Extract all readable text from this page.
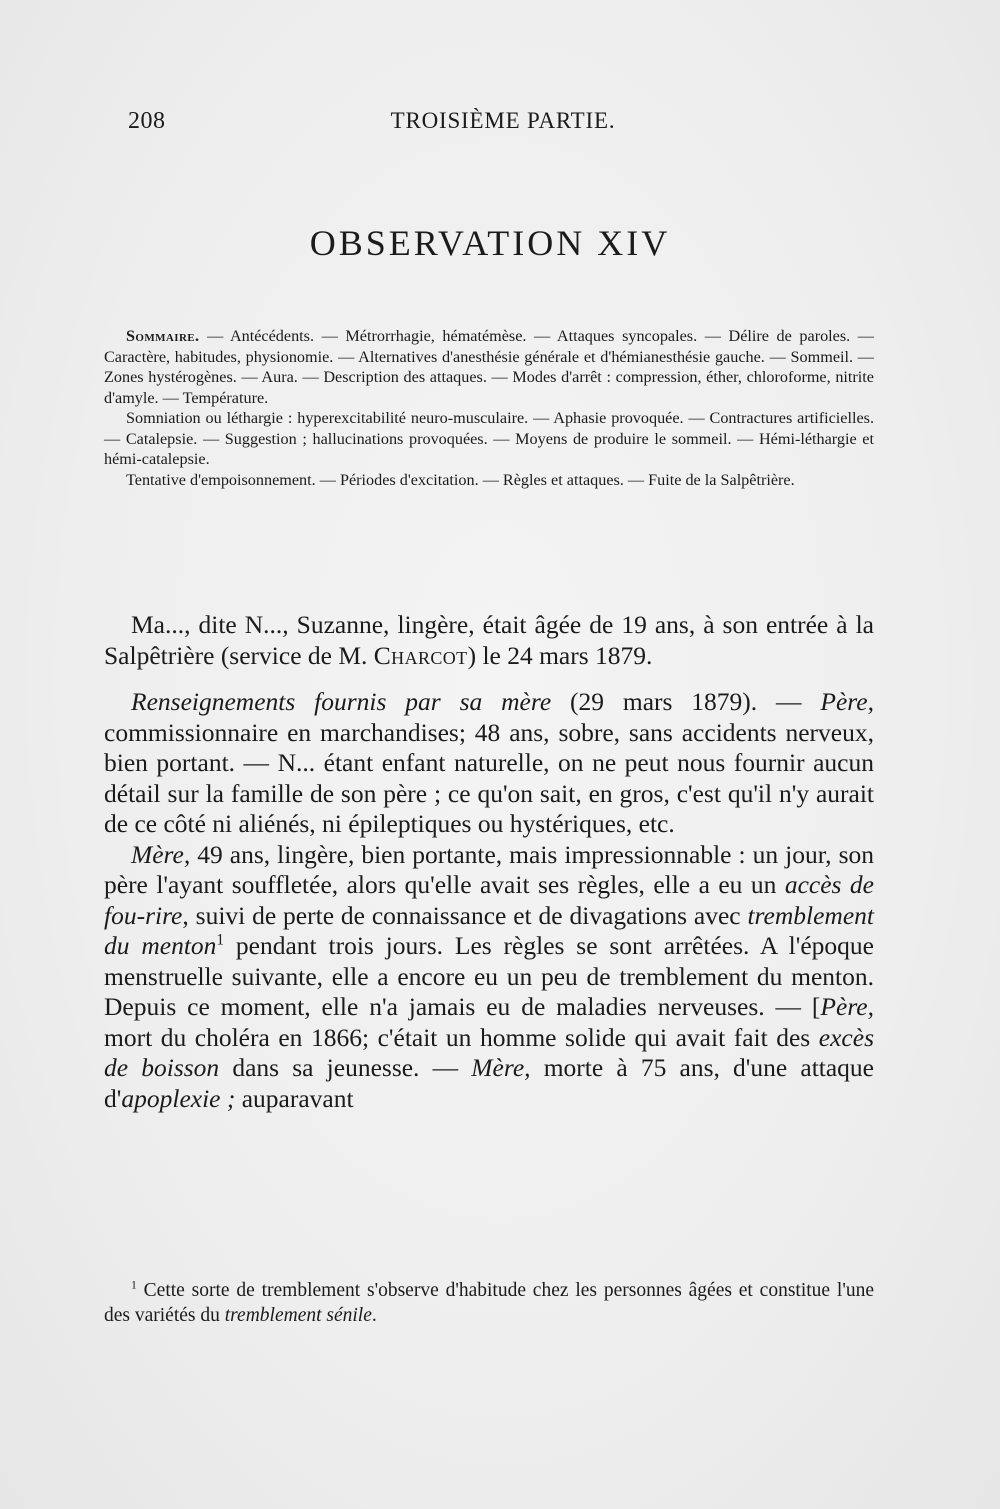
208	TROISIÈME PARTIE.
OBSERVATION XIV

Sommaire. — Antécédents. — Métrorrhagie, hématémèse. — Attaques syncopales. — Délire de paroles. — Caractère, habitudes, physionomie. — Alternatives d'anesthésie générale et d'hémianesthésie gauche. — Sommeil. — Zones hystérogènes. — Aura. — Description des attaques. — Modes d'arrêt : compression, éther, chloroforme, nitrite d'amyle. — Température.

Somniation ou léthargie : hyperexcitabilité neuro-musculaire. — Aphasie provoquée. — Contractures artificielles. — Catalepsie. — Suggestion ; hallucinations provoquées. — Moyens de produire le sommeil. — Hémi-léthargie et hémi-catalepsie.

Tentative d'empoisonnement. — Périodes d'excitation. — Règles et attaques. — Fuite de la Salpêtrière.

Ma..., dite N..., Suzanne, lingère, était âgée de 19 ans, à son entrée à la Salpêtrière (service de M. Charcot) le 24 mars 1879.

Renseignements fournis par sa mère (29 mars 1879). — Père, commissionnaire en marchandises; 48 ans, sobre, sans accidents nerveux, bien portant. — N... étant enfant naturelle, on ne peut nous fournir aucun détail sur la famille de son père ; ce qu'on sait, en gros, c'est qu'il n'y aurait de ce côté ni aliénés, ni épileptiques ou hystériques, etc.

Mère, 49 ans, lingère, bien portante, mais impressionnable : un jour, son père l'ayant souffletée, alors qu'elle avait ses règles, elle a eu un accès de fou-rire, suivi de perte de connaissance et de divagations avec tremblement du menton$^1$ pendant trois jours. Les règles se sont arrêtées. A l'époque menstruelle suivante, elle a encore eu un peu de tremblement du menton. Depuis ce moment, elle n'a jamais eu de maladies nerveuses. — [Père, mort du choléra en 1866; c'était un homme solide qui avait fait des excès de boisson dans sa jeunesse. — Mère, morte à 75 ans, d'une attaque d'apoplexie ; auparavant

$^1$ Cette sorte de tremblement s'observe d'habitude chez les personnes âgées et constitue l'une des variétés du tremblement sénile.
